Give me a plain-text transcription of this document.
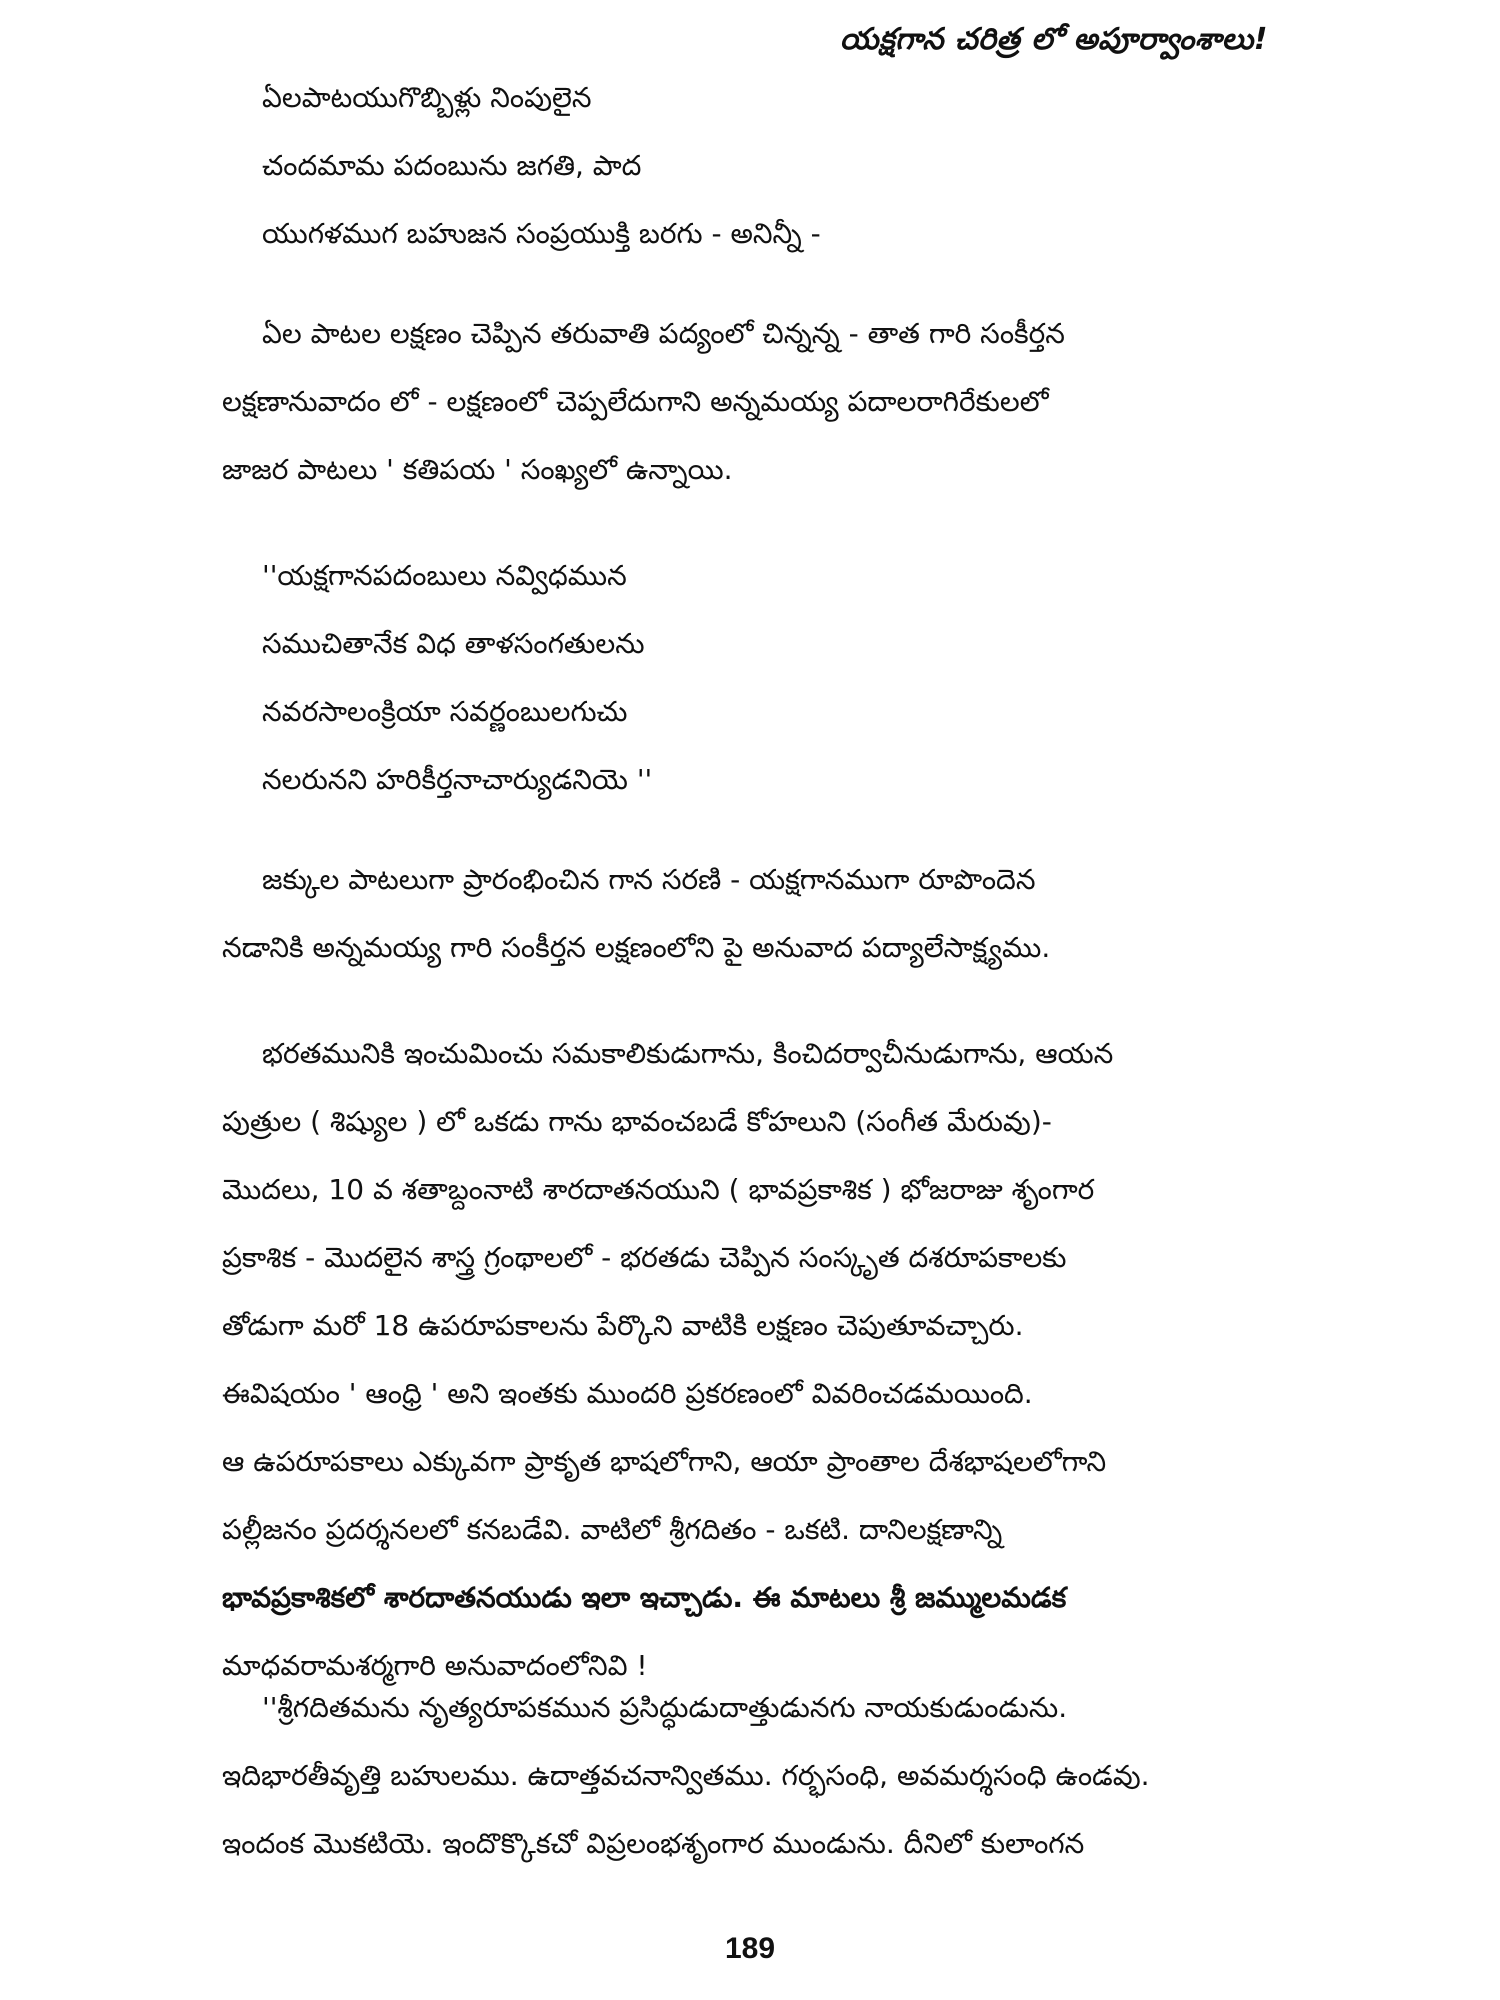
యక్షగాన చరిత్ర లో అపూర్వాంశాలు!
ఏలపాటయుగొబ్బిళ్లు నింపులైన
చందమామ పదంబును జగతి, పాద
యుగళముగ బహుజన సంప్రయుక్తి బరగు - అనిన్నీ -
ఏల పాటల లక్షణం చెప్పిన తరువాతి పద్యంలో చిన్నన్న - తాత గారి సంకీర్తన
లక్షణానువాదం లో - లక్షణంలో చెప్పలేదుగాని అన్నమయ్య పదాలరాగిరేకులలో
జాజర పాటలు ' కతిపయ ' సంఖ్యలో ఉన్నాయి.
''యక్షగానపదంబులు నవ్విధమున
సముచితానేక విధ తాళసంగతులను
నవరసాలంక్రియా సవర్ణంబులగుచు
నలరునని హరికీర్తనాచార్యుడనియె ''
జక్కుల పాటలుగా ప్రారంభించిన గాన సరణి - యక్షగానముగా రూపొందెన
నడానికి అన్నమయ్య గారి సంకీర్తన లక్షణంలోని పై అనువాద పద్యాలేసాక్ష్యము.
భరతమునికి ఇంచుమించు సమకాలికుడుగాను, కించిదర్వాచీనుడుగాను, ఆయన
పుత్రుల ( శిష్యుల ) లో ఒకడు గాను భావంచబడే కోహలుని (సంగీత మేరువు)-
మొదలు, 10 వ శతాబ్దంనాటి శారదాతనయుని ( భావప్రకాశిక ) భోజరాజు శృంగార
ప్రకాశిక - మొదలైన శాస్త్ర గ్రంథాలలో - భరతడు చెప్పిన సంస్కృత దశరూపకాలకు
తోడుగా మరో 18 ఉపరూపకాలను పేర్కొని వాటికి లక్షణం చెపుతూవచ్చారు.
ఈవిషయం ' ఆంధ్రి ' అని ఇంతకు ముందరి ప్రకరణంలో వివరించడమయింది.
ఆ ఉపరూపకాలు ఎక్కువగా ప్రాకృత భాషలోగాని, ఆయా ప్రాంతాల దేశభాషలలోగాని
పల్లీజనం ప్రదర్శనలలో కనబడేవి. వాటిలో శ్రీగదితం - ఒకటి. దానిలక్షణాన్ని
భావప్రకాశికలో శారదాతనయుడు ఇలా ఇచ్చాడు. ఈ మాటలు శ్రీ జమ్ములమడక
మాధవరామశర్మగారి అనువాదంలోనివి !
''శ్రీగదితమను నృత్యరూపకమున ప్రసిద్ధుడుదాత్తుడునగు నాయకుడుండును.
ఇదిభారతీవృత్తి బహులము. ఉదాత్తవచనాన్వితము. గర్భసంధి, అవమర్శసంధి ఉండవు.
ఇందంక మొకటియె. ఇందొక్కొకచో విప్రలంభశృంగార ముండును. దీనిలో కులాంగన
189
